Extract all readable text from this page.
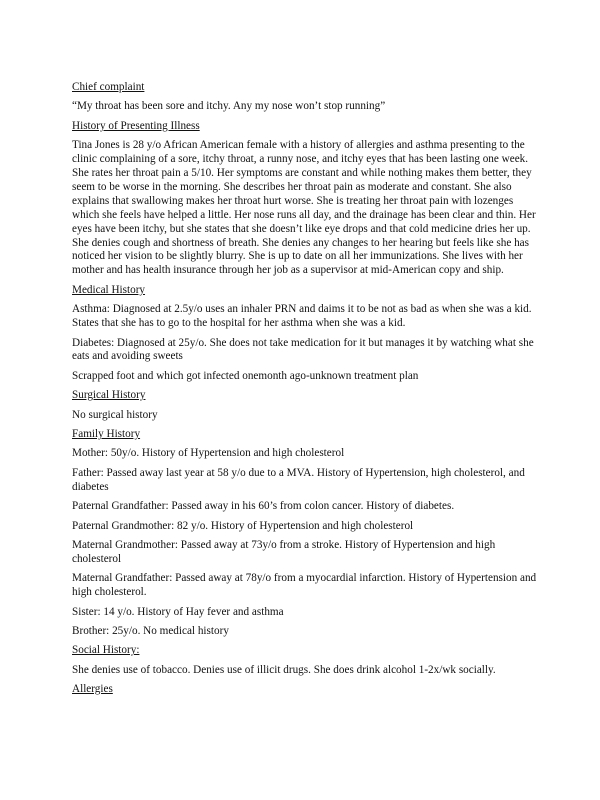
Chief complaint
“My throat has been sore and itchy. Any my nose won’t stop running”
History of Presenting Illness
Tina Jones is 28 y/o African American female with a history of allergies and asthma presenting to the clinic complaining of a sore, itchy throat, a runny nose, and itchy eyes that has been lasting one week. She rates her throat pain a 5/10. Her symptoms are constant and while nothing makes them better, they seem to be worse in the morning. She describes her throat pain as moderate and constant. She also explains that swallowing makes her throat hurt worse. She is treating her throat pain with lozenges which she feels have helped a little. Her nose runs all day, and the drainage has been clear and thin. Her eyes have been itchy, but she states that she doesn’t like eye drops and that cold medicine dries her up. She denies cough and shortness of breath. She denies any changes to her hearing but feels like she has noticed her vision to be slightly blurry. She is up to date on all her immunizations. She lives with her mother and has health insurance through her job as a supervisor at mid-American copy and ship.
Medical History
Asthma: Diagnosed at 2.5y/o uses an inhaler PRN and daims it to be not as bad as when she was a kid. States that she has to go to the hospital for her asthma when she was a kid.
Diabetes: Diagnosed at 25y/o. She does not take medication for it but manages it by watching what she eats and avoiding sweets
Scrapped foot and which got infected onemonth ago-unknown treatment plan
Surgical History
No surgical history
Family History
Mother: 50y/o. History of Hypertension and high cholesterol
Father: Passed away last year at 58 y/o due to a MVA. History of Hypertension, high cholesterol, and diabetes
Paternal Grandfather: Passed away in his 60’s from colon cancer. History of diabetes.
Paternal Grandmother: 82 y/o. History of Hypertension and high cholesterol
Maternal Grandmother: Passed away at 73y/o from a stroke. History of Hypertension and high cholesterol
Maternal Grandfather: Passed away at 78y/o from a myocardial infarction. History of Hypertension and high cholesterol.
Sister: 14 y/o. History of Hay fever and asthma
Brother: 25y/o. No medical history
Social History:
She denies use of tobacco. Denies use of illicit drugs. She does drink alcohol 1-2x/wk socially.
Allergies
